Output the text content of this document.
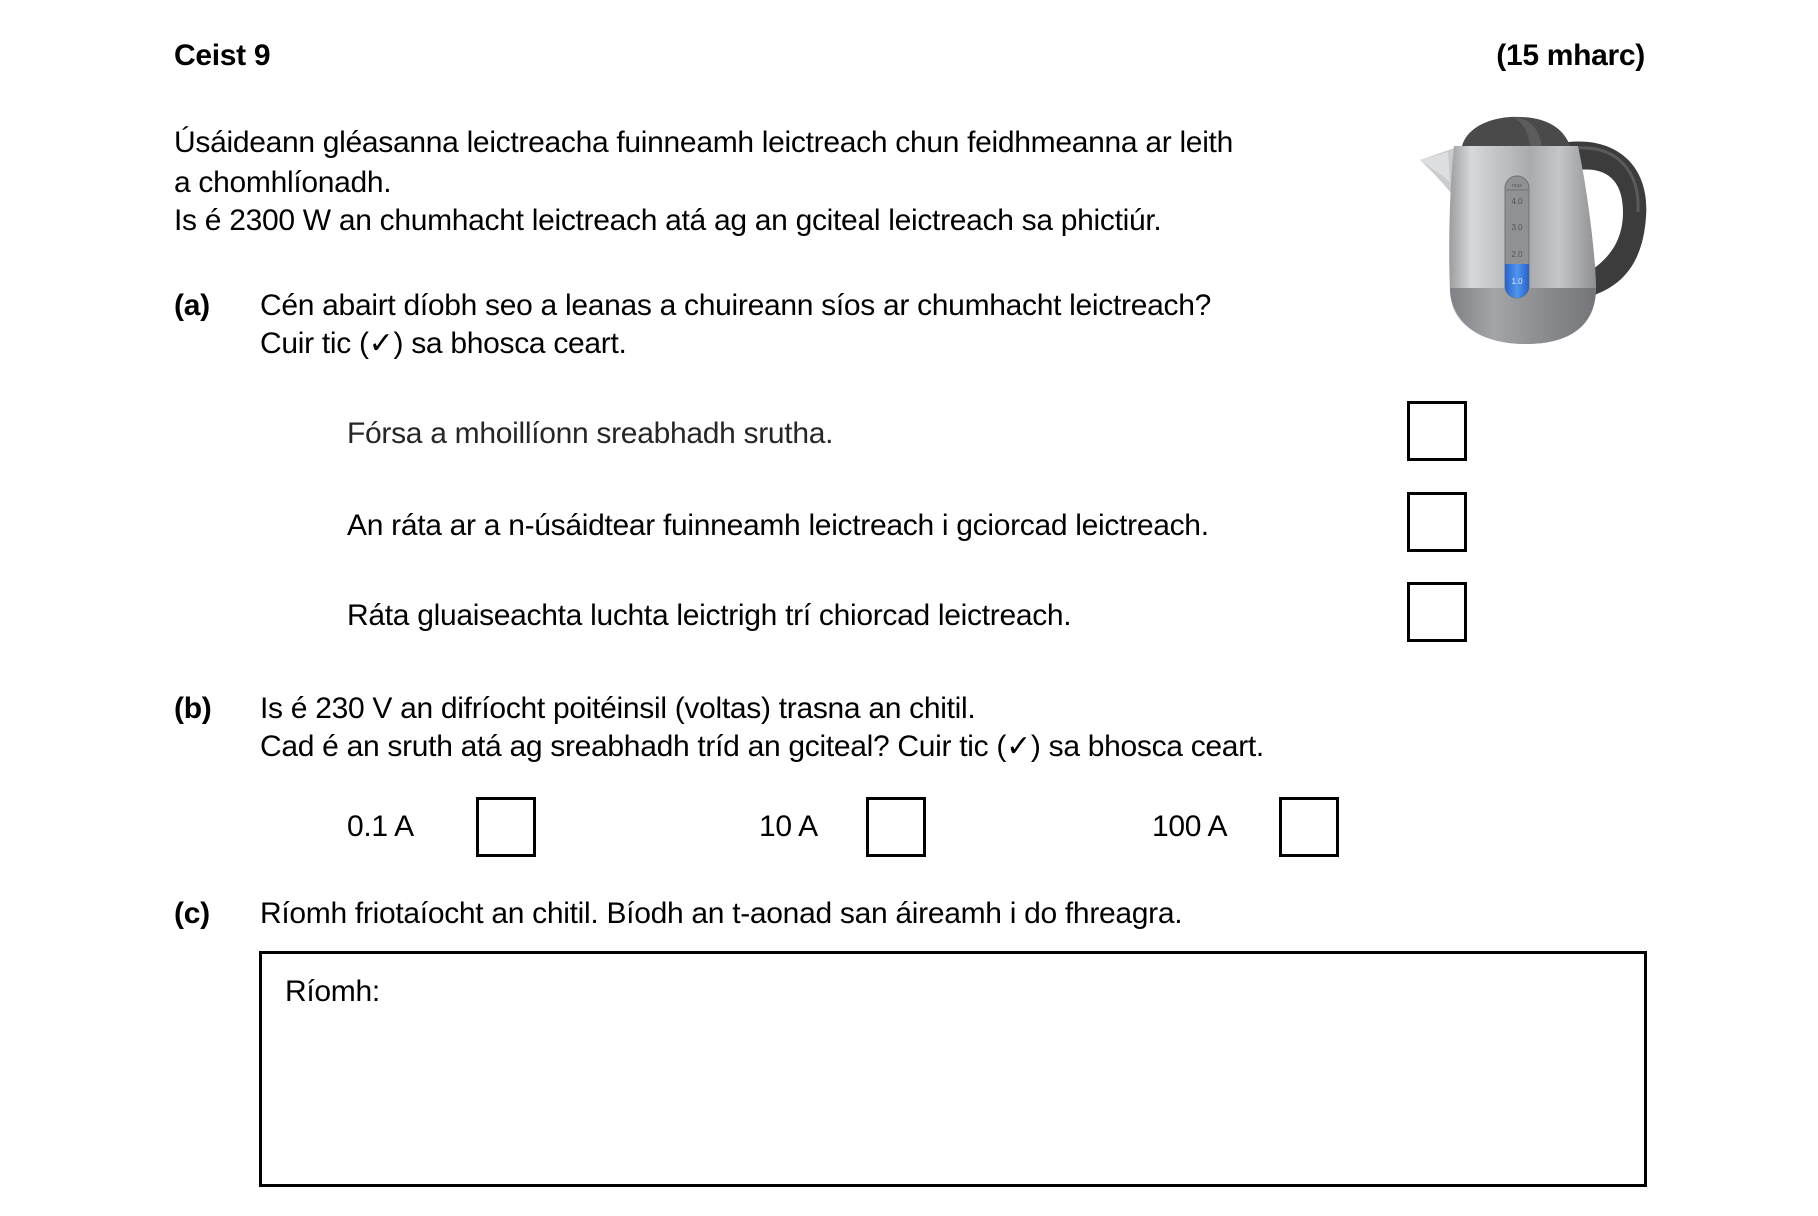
Ceist 9	(15 mharc)
Úsáideann gléasanna leictreacha fuinneamh leictreach chun feidhmeanna ar leith
a chomhlíonadh.
Is é 2300 W an chumhacht leictreach atá ag an gciteal leictreach sa phictiúr.
max
4.0
3.0
2.0
1.0
(a) Cén abairt díobh seo a leanas a chuireann síos ar chumhacht leictreach?
Cuir tic (✓) sa bhosca ceart.
Fórsa a mhoillíonn sreabhadh srutha.
An ráta ar a n-úsáidtear fuinneamh leictreach i gciorcad leictreach.
Ráta gluaiseachta luchta leictrigh trí chiorcad leictreach.
(b) Is é 230 V an difríocht poitéinsil (voltas) trasna an chitil.
Cad é an sruth atá ag sreabhadh tríd an gciteal? Cuir tic (✓) sa bhosca ceart.
0.1 A	10 A	100 A
(c) Ríomh friotaíocht an chitil. Bíodh an t-aonad san áireamh i do fhreagra.
Ríomh:
